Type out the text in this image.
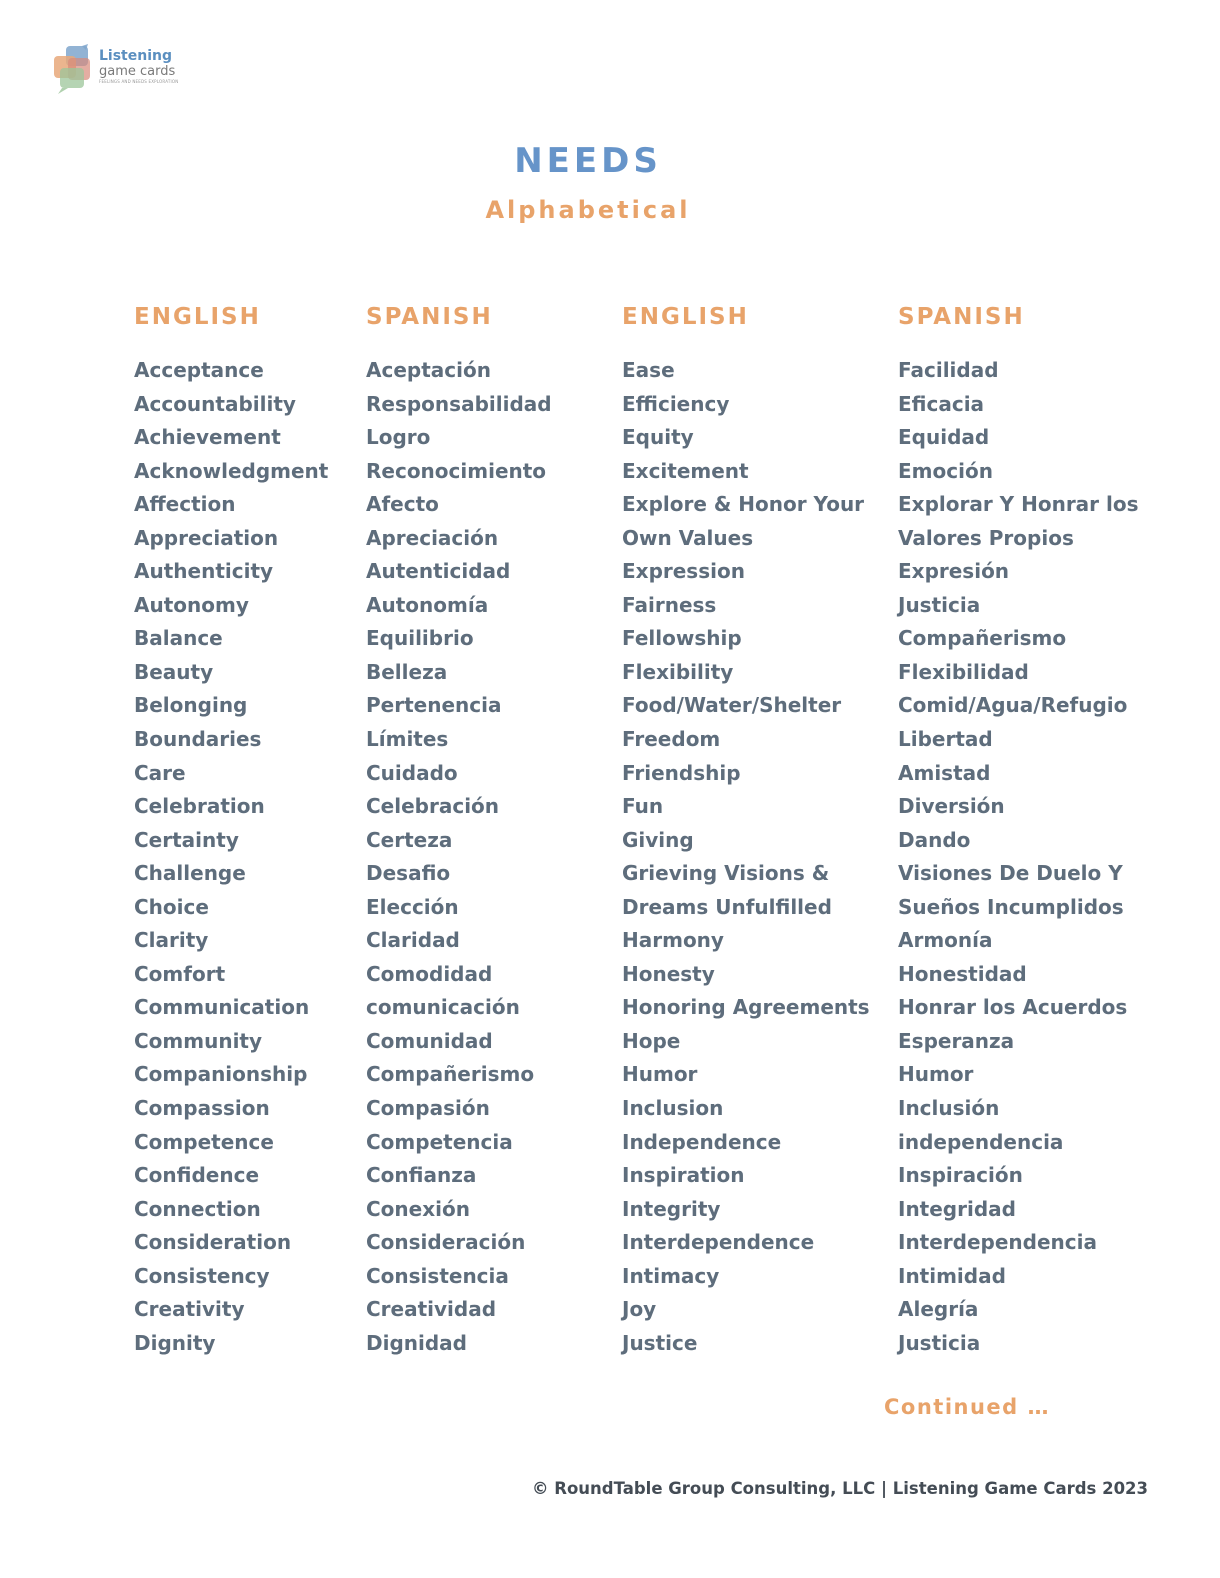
Listening
game cards
FEELINGS AND NEEDS EXPLORATION
NEEDS
Alphabetical
ENGLISH
Acceptance
Accountability
Achievement
Acknowledgment
Affection
Appreciation
Authenticity
Autonomy
Balance
Beauty
Belonging
Boundaries
Care
Celebration
Certainty
Challenge
Choice
Clarity
Comfort
Communication
Community
Companionship
Compassion
Competence
Confidence
Connection
Consideration
Consistency
Creativity
Dignity
SPANISH
Aceptación
Responsabilidad
Logro
Reconocimiento
Afecto
Apreciación
Autenticidad
Autonomía
Equilibrio
Belleza
Pertenencia
Límites
Cuidado
Celebración
Certeza
Desafio
Elección
Claridad
Comodidad
comunicación
Comunidad
Compañerismo
Compasión
Competencia
Confianza
Conexión
Consideración
Consistencia
Creatividad
Dignidad
ENGLISH
Ease
Efficiency
Equity
Excitement
Explore & Honor Your
Own Values
Expression
Fairness
Fellowship
Flexibility
Food/Water/Shelter
Freedom
Friendship
Fun
Giving
Grieving Visions &
Dreams Unfulfilled
Harmony
Honesty
Honoring Agreements
Hope
Humor
Inclusion
Independence
Inspiration
Integrity
Interdependence
Intimacy
Joy
Justice
SPANISH
Facilidad
Eficacia
Equidad
Emoción
Explorar Y Honrar los
Valores Propios
Expresión
Justicia
Compañerismo
Flexibilidad
Comid/Agua/Refugio
Libertad
Amistad
Diversión
Dando
Visiones De Duelo Y
Sueños Incumplidos
Armonía
Honestidad
Honrar los Acuerdos
Esperanza
Humor
Inclusión
independencia
Inspiración
Integridad
Interdependencia
Intimidad
Alegría
Justicia
Continued …
© RoundTable Group Consulting, LLC | Listening Game Cards 2023
